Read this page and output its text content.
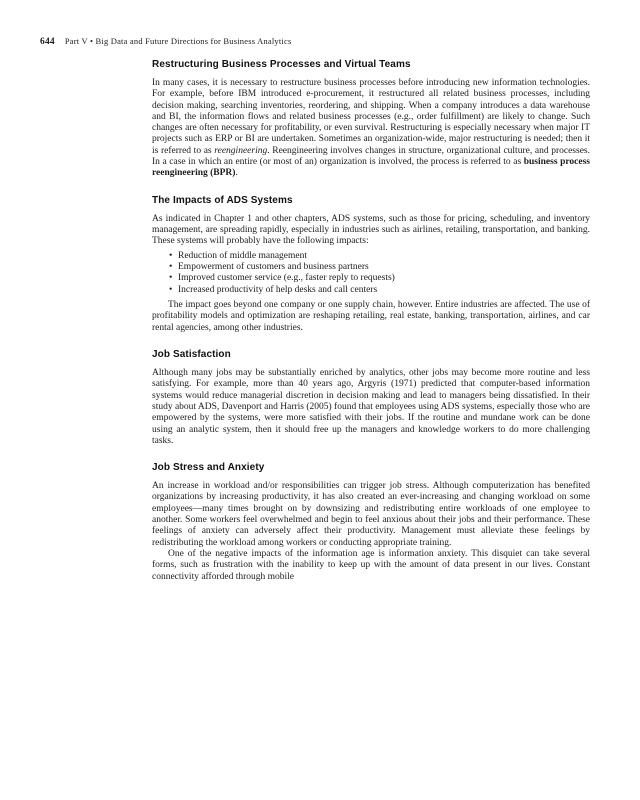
644 Part V • Big Data and Future Directions for Business Analytics
Restructuring Business Processes and Virtual Teams

In many cases, it is necessary to restructure business processes before introducing new information technologies. For example, before IBM introduced e-procurement, it restructured all related business processes, including decision making, searching inventories, reordering, and shipping. When a company introduces a data warehouse and BI, the information flows and related business processes (e.g., order fulfillment) are likely to change. Such changes are often necessary for profitability, or even survival. Restructuring is especially necessary when major IT projects such as ERP or BI are undertaken. Sometimes an organization-wide, major restructuring is needed; then it is referred to as reengineering. Reengineering involves changes in structure, organizational culture, and processes. In a case in which an entire (or most of an) organization is involved, the process is referred to as business process reengineering (BPR).

The Impacts of ADS Systems

As indicated in Chapter 1 and other chapters, ADS systems, such as those for pricing, scheduling, and inventory management, are spreading rapidly, especially in industries such as airlines, retailing, transportation, and banking. These systems will probably have the following impacts:

• Reduction of middle management
• Empowerment of customers and business partners
• Improved customer service (e.g., faster reply to requests)
• Increased productivity of help desks and call centers

The impact goes beyond one company or one supply chain, however. Entire industries are affected. The use of profitability models and optimization are reshaping retailing, real estate, banking, transportation, airlines, and car rental agencies, among other industries.

Job Satisfaction

Although many jobs may be substantially enriched by analytics, other jobs may become more routine and less satisfying. For example, more than 40 years ago, Argyris (1971) predicted that computer-based information systems would reduce managerial discretion in decision making and lead to managers being dissatisfied. In their study about ADS, Davenport and Harris (2005) found that employees using ADS systems, especially those who are empowered by the systems, were more satisfied with their jobs. If the routine and mundane work can be done using an analytic system, then it should free up the managers and knowledge workers to do more challenging tasks.

Job Stress and Anxiety

An increase in workload and/or responsibilities can trigger job stress. Although computerization has benefited organizations by increasing productivity, it has also created an ever-increasing and changing workload on some employees—many times brought on by downsizing and redistributing entire workloads of one employee to another. Some workers feel overwhelmed and begin to feel anxious about their jobs and their performance. These feelings of anxiety can adversely affect their productivity. Management must alleviate these feelings by redistributing the workload among workers or conducting appropriate training.

One of the negative impacts of the information age is information anxiety. This disquiet can take several forms, such as frustration with the inability to keep up with the amount of data present in our lives. Constant connectivity afforded through mobile
